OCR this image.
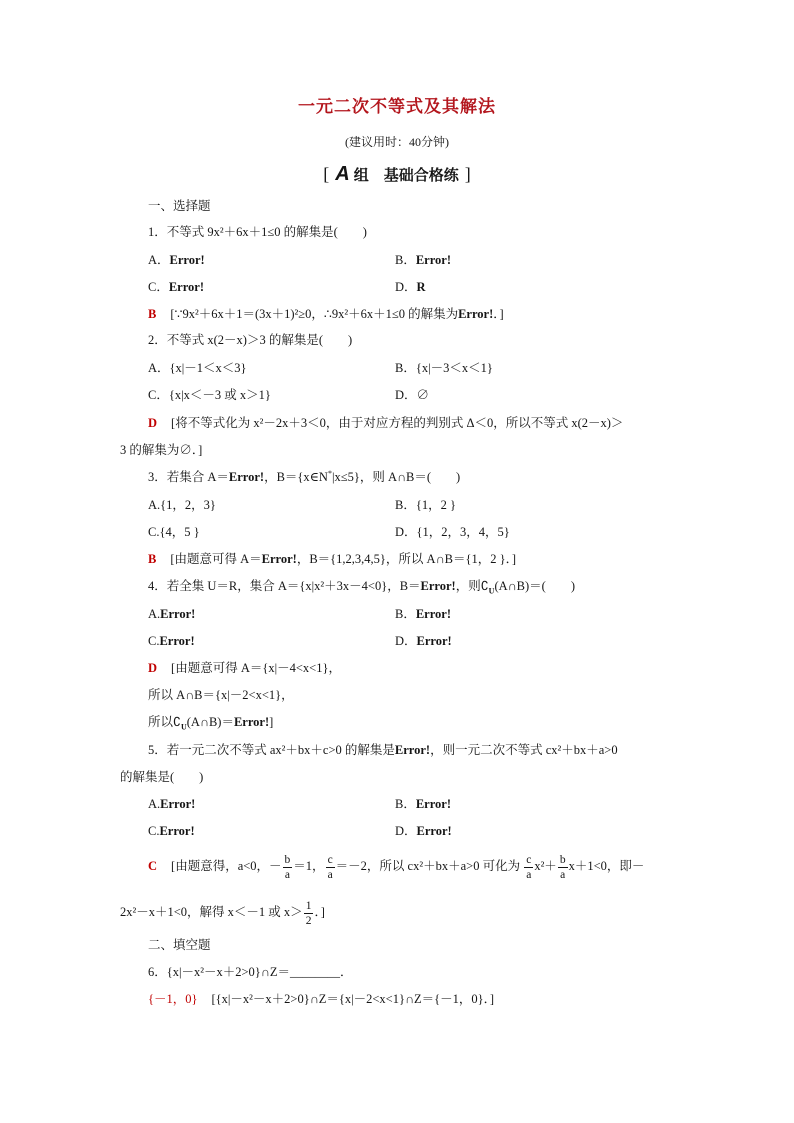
一元二次不等式及其解法
(建议用时：40分钟)
[ A 组　基础合格练 ]
一、选择题
1．不等式 9x²＋6x＋1≤0 的解集是(　　)
A．Error!	B．Error!
C．Error!	D．R
B [∵9x²＋6x＋1＝(3x＋1)²≥0，∴9x²＋6x＋1≤0 的解集为Error!．]
2．不等式 x(2－x)＞3 的解集是(　　)
A．{x|－1＜x＜3}	B．{x|－3＜x＜1}
C．{x|x＜－3 或 x＞1}	D．∅
D [将不等式化为 x²－2x＋3＜0，由于对应方程的判别式 Δ＜0，所以不等式 x(2－x)＞
3 的解集为∅．]
3．若集合 A＝Error!，B＝{x∈N*|x≤5}，则 A∩B＝(　　)
A.{1，2，3}	B．{1，2 }
C.{4，5 }	D．{1，2，3，4，5}
B [由题意可得 A＝Error!，B＝{1,2,3,4,5}，所以 A∩B＝{1，2 }．]
4．若全集 U＝R，集合 A＝{x|x²＋3x－4<0}，B＝Error!，则$∁_U(A\cap B)=$(　　)
A.Error!	B．Error!
C.Error!	D．Error!
D [由题意可得 A＝{x|－4<x<1}，
所以 A∩B＝{x|－2<x<1}，
所以$∁_U(A\cap B)=Error$!]
5．若一元二次不等式 ax²＋bx＋c>0 的解集是Error!，则一元二次不等式 cx²＋bx＋a>0
的解集是(　　)
A.Error!	B．Error!
C.Error!	D．Error!
C [由题意得，a<0，－ $\frac{b}{a} =1$， $\frac{c}{a} =-2$，所以 cx²＋bx＋a>0 可化为 $\frac{c}{a} x^2+ \frac{b}{a} x+1<0$，即－
2x²－x＋1<0，解得 x＜－1 或 $x> \frac{1}{2}$ ．]
二、填空题
6．{x|－x²－x＋2>0}∩Z＝________．
{－1，0} [{x|－x²－x＋2>0}∩Z＝{x|－2<x<1}∩Z＝{－1，0}．]
